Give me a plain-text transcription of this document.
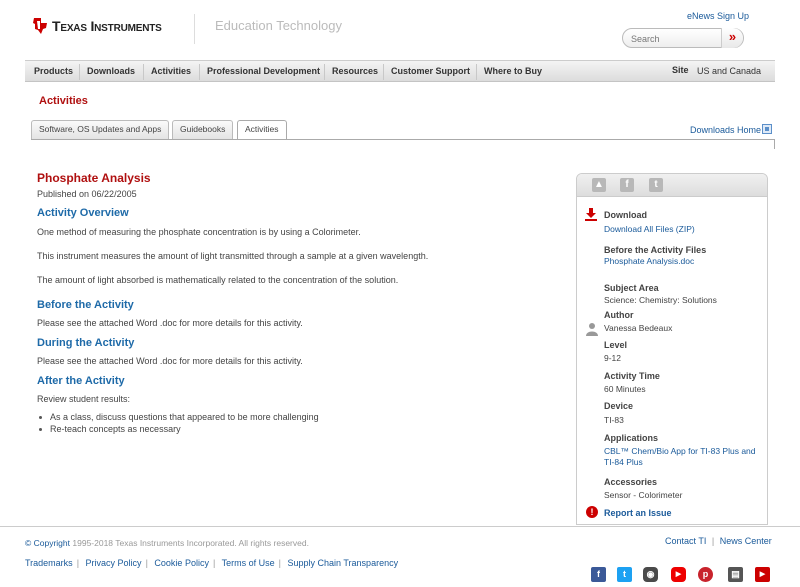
Texas Instruments	Education Technology
eNews Sign Up
Search
»
Products Downloads Activities Professional Development Resources Customer Support Where to Buy	Site US and Canada
Activities
Software, OS Updates and Apps	Guidebooks	Activities	Downloads Home
Phosphate Analysis
Published on 06/22/2005
Activity Overview
One method of measuring the phosphate concentration is by using a Colorimeter.
This instrument measures the amount of light transmitted through a sample at a given wavelength.
The amount of light absorbed is mathematically related to the concentration of the solution.
Before the Activity
Please see the attached Word .doc for more details for this activity.
During the Activity
Please see the attached Word .doc for more details for this activity.
After the Activity
Review student results:
As a class, discuss questions that appeared to be more challenging
Re-teach concepts as necessary
▲	f	t
Download
Download All Files (ZIP)
Before the Activity Files
Phosphate Analysis.doc
Subject Area
Science: Chemistry: Solutions
Author
Vanessa Bedeaux
Level
9-12
Activity Time
60 Minutes
Device
TI-83
Applications
CBL™ Chem/Bio App for TI-83 Plus and TI-84 Plus
Accessories
Sensor - Colorimeter
!	Report an Issue
© Copyright 1995-2018 Texas Instruments Incorporated. All rights reserved.	Contact TI | News Center
Trademarks | Privacy Policy | Cookie Policy | Terms of Use | Supply Chain Transparency
f	t	◉	▶	p	▤	▶
